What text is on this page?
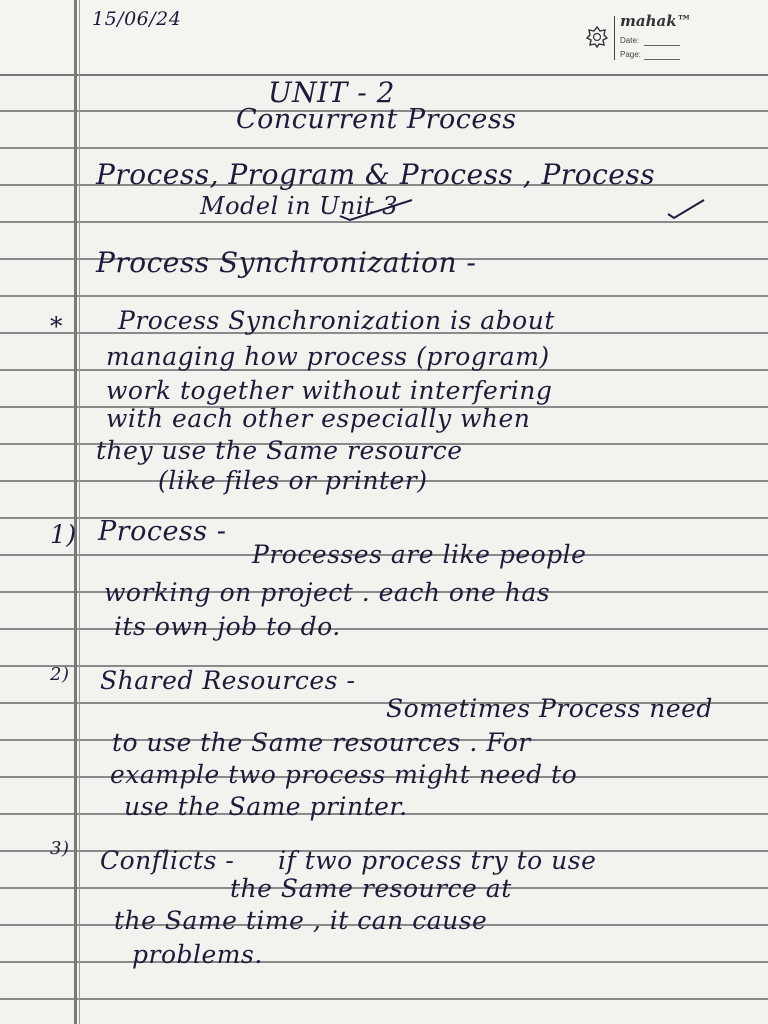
15/06/24	mahak™
Date:
Page:
UNIT - 2
Concurrent Process
Process, Program & Process , Process
Model in Unit 3
Process Synchronization -
* Process Synchronization is about
managing how process (program)
work together without interfering
with each other especially when
they use the Same resource
(like files or printer)
1) Process -
Processes are like people
working on project . each one has
its own job to do.
2) Shared Resources -
Sometimes Process need
to use the Same resources . For
example two process might need to
use the Same printer.
3) Conflicts - if two process try to use
the Same resource at
the Same time , it can cause
problems.
